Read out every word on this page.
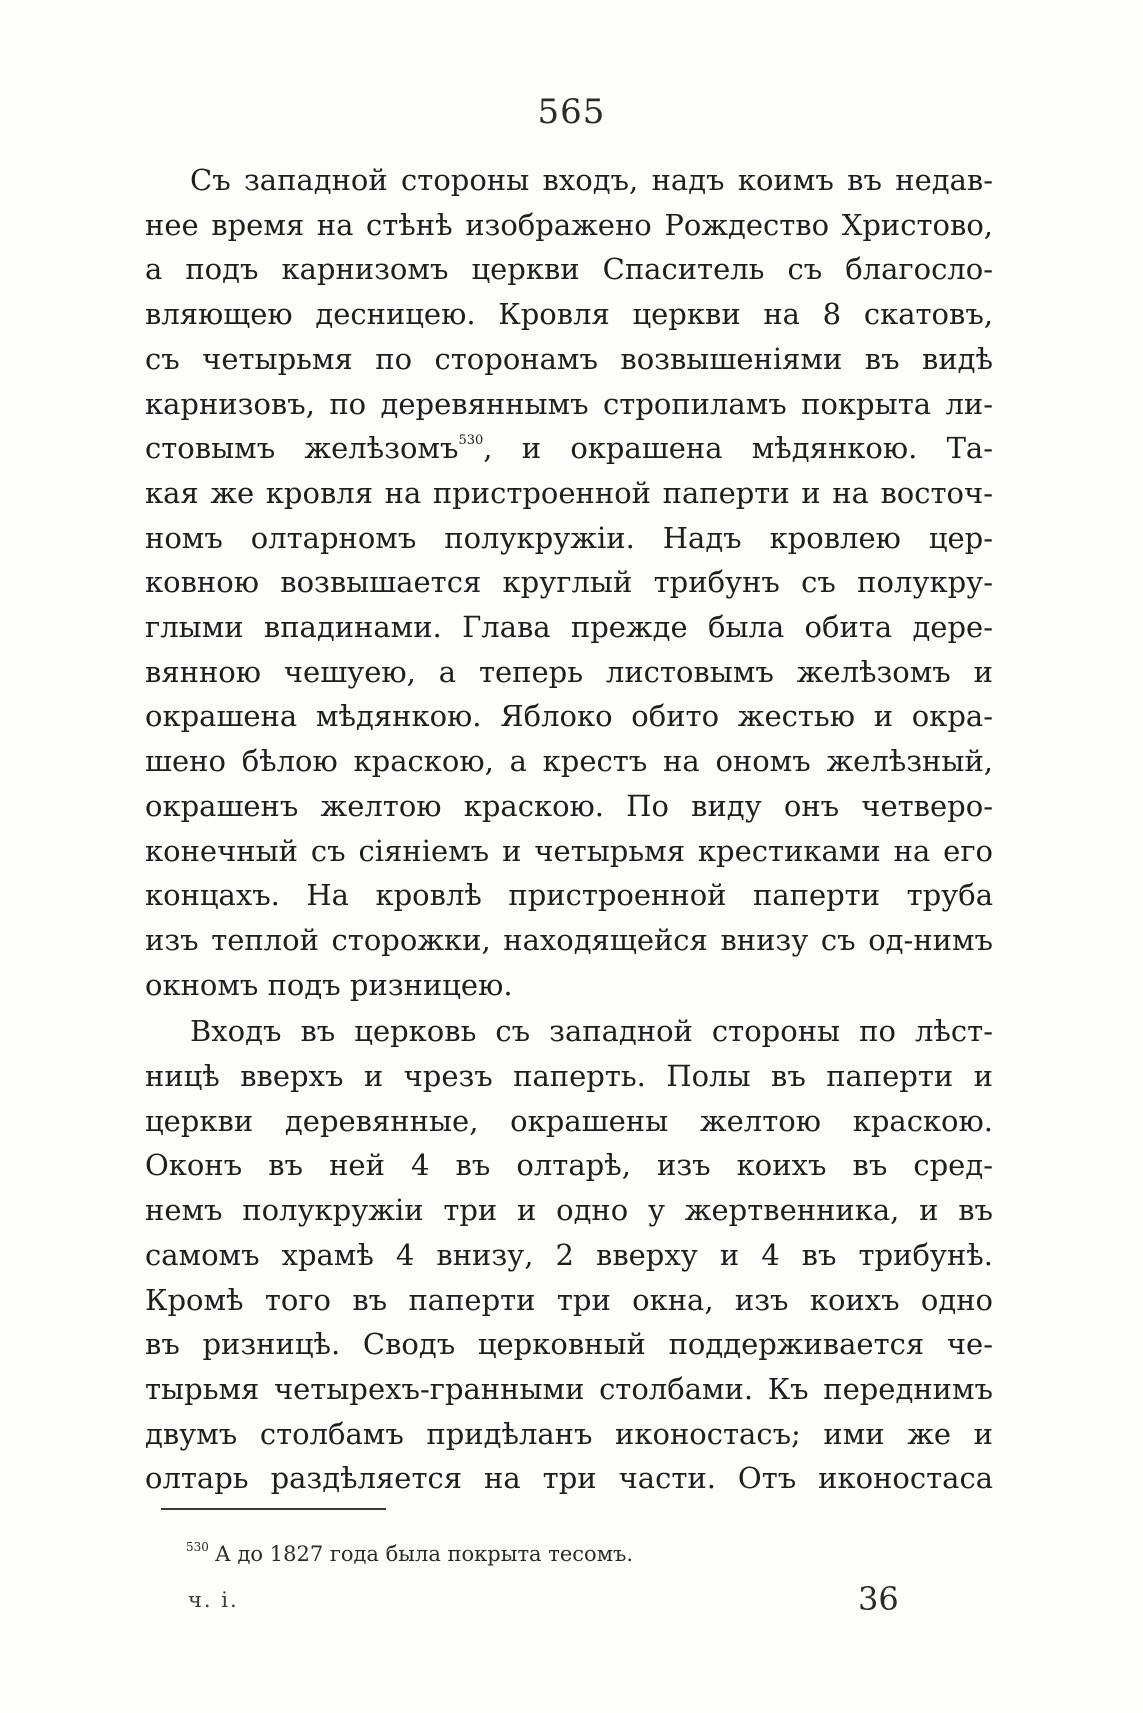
565
Съ западной стороны входъ, надъ коимъ въ недав-
нее время на стѣнѣ изображено Рождество Христово,
а подъ карнизомъ церкви Спаситель съ благосло-
вляющею десницею. Кровля церкви на 8 скатовъ,
съ четырьмя по сторонамъ возвышеніями въ видѣ
карнизовъ, по деревяннымъ стропиламъ покрыта ли-
стовымъ желѣзомъ$^{530}$, и окрашена мѣдянкою. Та-
кая же кровля на пристроенной паперти и на восточ-
номъ олтарномъ полукружіи. Надъ кровлею цер-
ковною возвышается круглый трибунъ съ полукру-
глыми впадинами. Глава прежде была обита дере-
вянною чешуею, а теперь листовымъ желѣзомъ и
окрашена мѣдянкою. Яблоко обито жестью и окра-
шено бѣлою краскою, а крестъ на ономъ желѣзный,
окрашенъ желтою краскою. По виду онъ четверо-
конечный съ сіяніемъ и четырьмя крестиками на его
концахъ. На кровлѣ пристроенной паперти труба
изъ теплой сторожки, находящейся внизу съ од-нимъ
окномъ подъ ризницею.
Входъ въ церковь съ западной стороны по лѣст-
ницѣ вверхъ и чрезъ паперть. Полы въ паперти и
церкви деревянные, окрашены желтою краскою.
Оконъ въ ней 4 въ олтарѣ, изъ коихъ въ сред-
немъ полукружіи три и одно у жертвенника, и въ
самомъ храмѣ 4 внизу, 2 вверху и 4 въ трибунѣ.
Кромѣ того въ паперти три окна, изъ коихъ одно
въ ризницѣ. Сводъ церковный поддерживается че-
тырьмя четырехъ-гранными столбами. Къ переднимъ
двумъ столбамъ придѣланъ иконостасъ; ими же и
олтарь раздѣляется на три части. Отъ иконостаса
$^{530}$ А до 1827 года была покрыта тесомъ.
ч. і.	36
